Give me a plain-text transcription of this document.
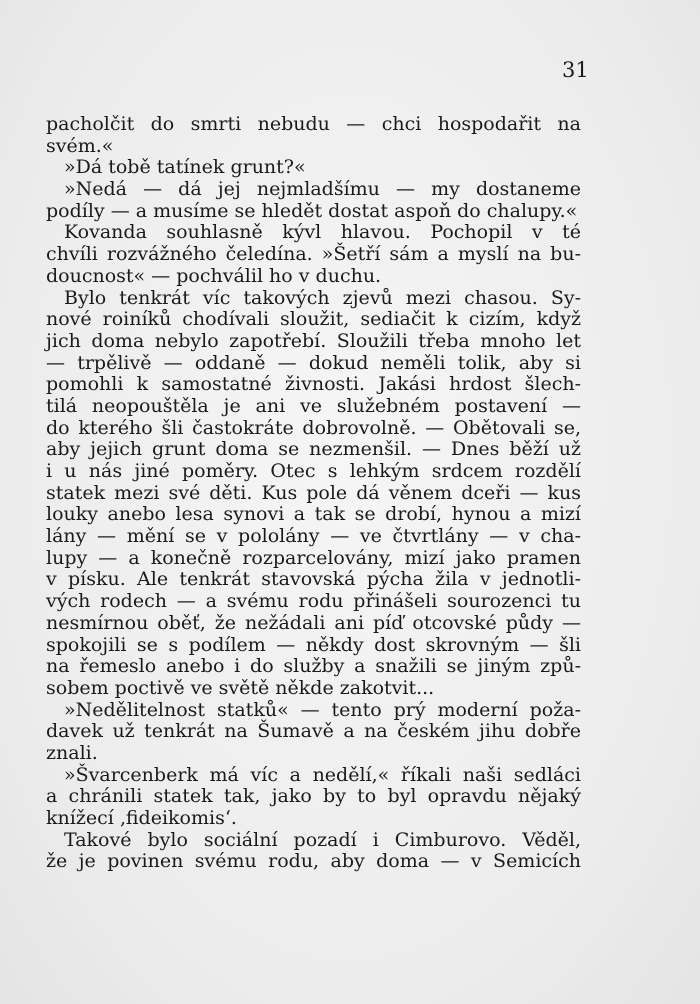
31
pacholčit do smrti nebudu — chci hospodařit na
svém.«
»Dá tobě tatínek grunt?«
»Nedá — dá jej nejmladšímu — my dostaneme
podíly — a musíme se hledět dostat aspoň do chalupy.«
Kovanda souhlasně kývl hlavou. Pochopil v té
chvíli rozvážného čeledína. »Šetří sám a myslí na bu-
doucnost« — pochválil ho v duchu.
Bylo tenkrát víc takových zjevů mezi chasou. Sy-
nové roiníků chodívali sloužit, sediačit k cizím, když
jich doma nebylo zapotřebí. Sloužili třeba mnoho let
— trpělivě — oddaně — dokud neměli tolik, aby si
pomohli k samostatné živnosti. Jakási hrdost šlech-
tilá neopouštěla je ani ve služebném postavení —
do kterého šli častokráte dobrovolně. — Obětovali se,
aby jejich grunt doma se nezmenšil. — Dnes běží už
i u nás jiné poměry. Otec s lehkým srdcem rozdělí
statek mezi své děti. Kus pole dá věnem dceři — kus
louky anebo lesa synovi a tak se drobí, hynou a mizí
lány — mění se v pololány — ve čtvrtlány — v cha-
lupy — a konečně rozparcelovány, mizí jako pramen
v písku. Ale tenkrát stavovská pýcha žila v jednotli-
vých rodech — a svému rodu přinášeli sourozenci tu
nesmírnou oběť, že nežádali ani píď otcovské půdy —
spokojili se s podílem — někdy dost skrovným — šli
na řemeslo anebo i do služby a snažili se jiným způ-
sobem poctivě ve světě někde zakotvit...
»Nedělitelnost statků« — tento prý moderní poža-
davek už tenkrát na Šumavě a na českém jihu dobře
znali.
»Švarcenberk má víc a nedělí,« říkali naši sedláci
a chránili statek tak, jako by to byl opravdu nějaký
knížecí ‚fideikomis‘.
Takové bylo sociální pozadí i Cimburovo. Věděl,
že je povinen svému rodu, aby doma — v Semicích
